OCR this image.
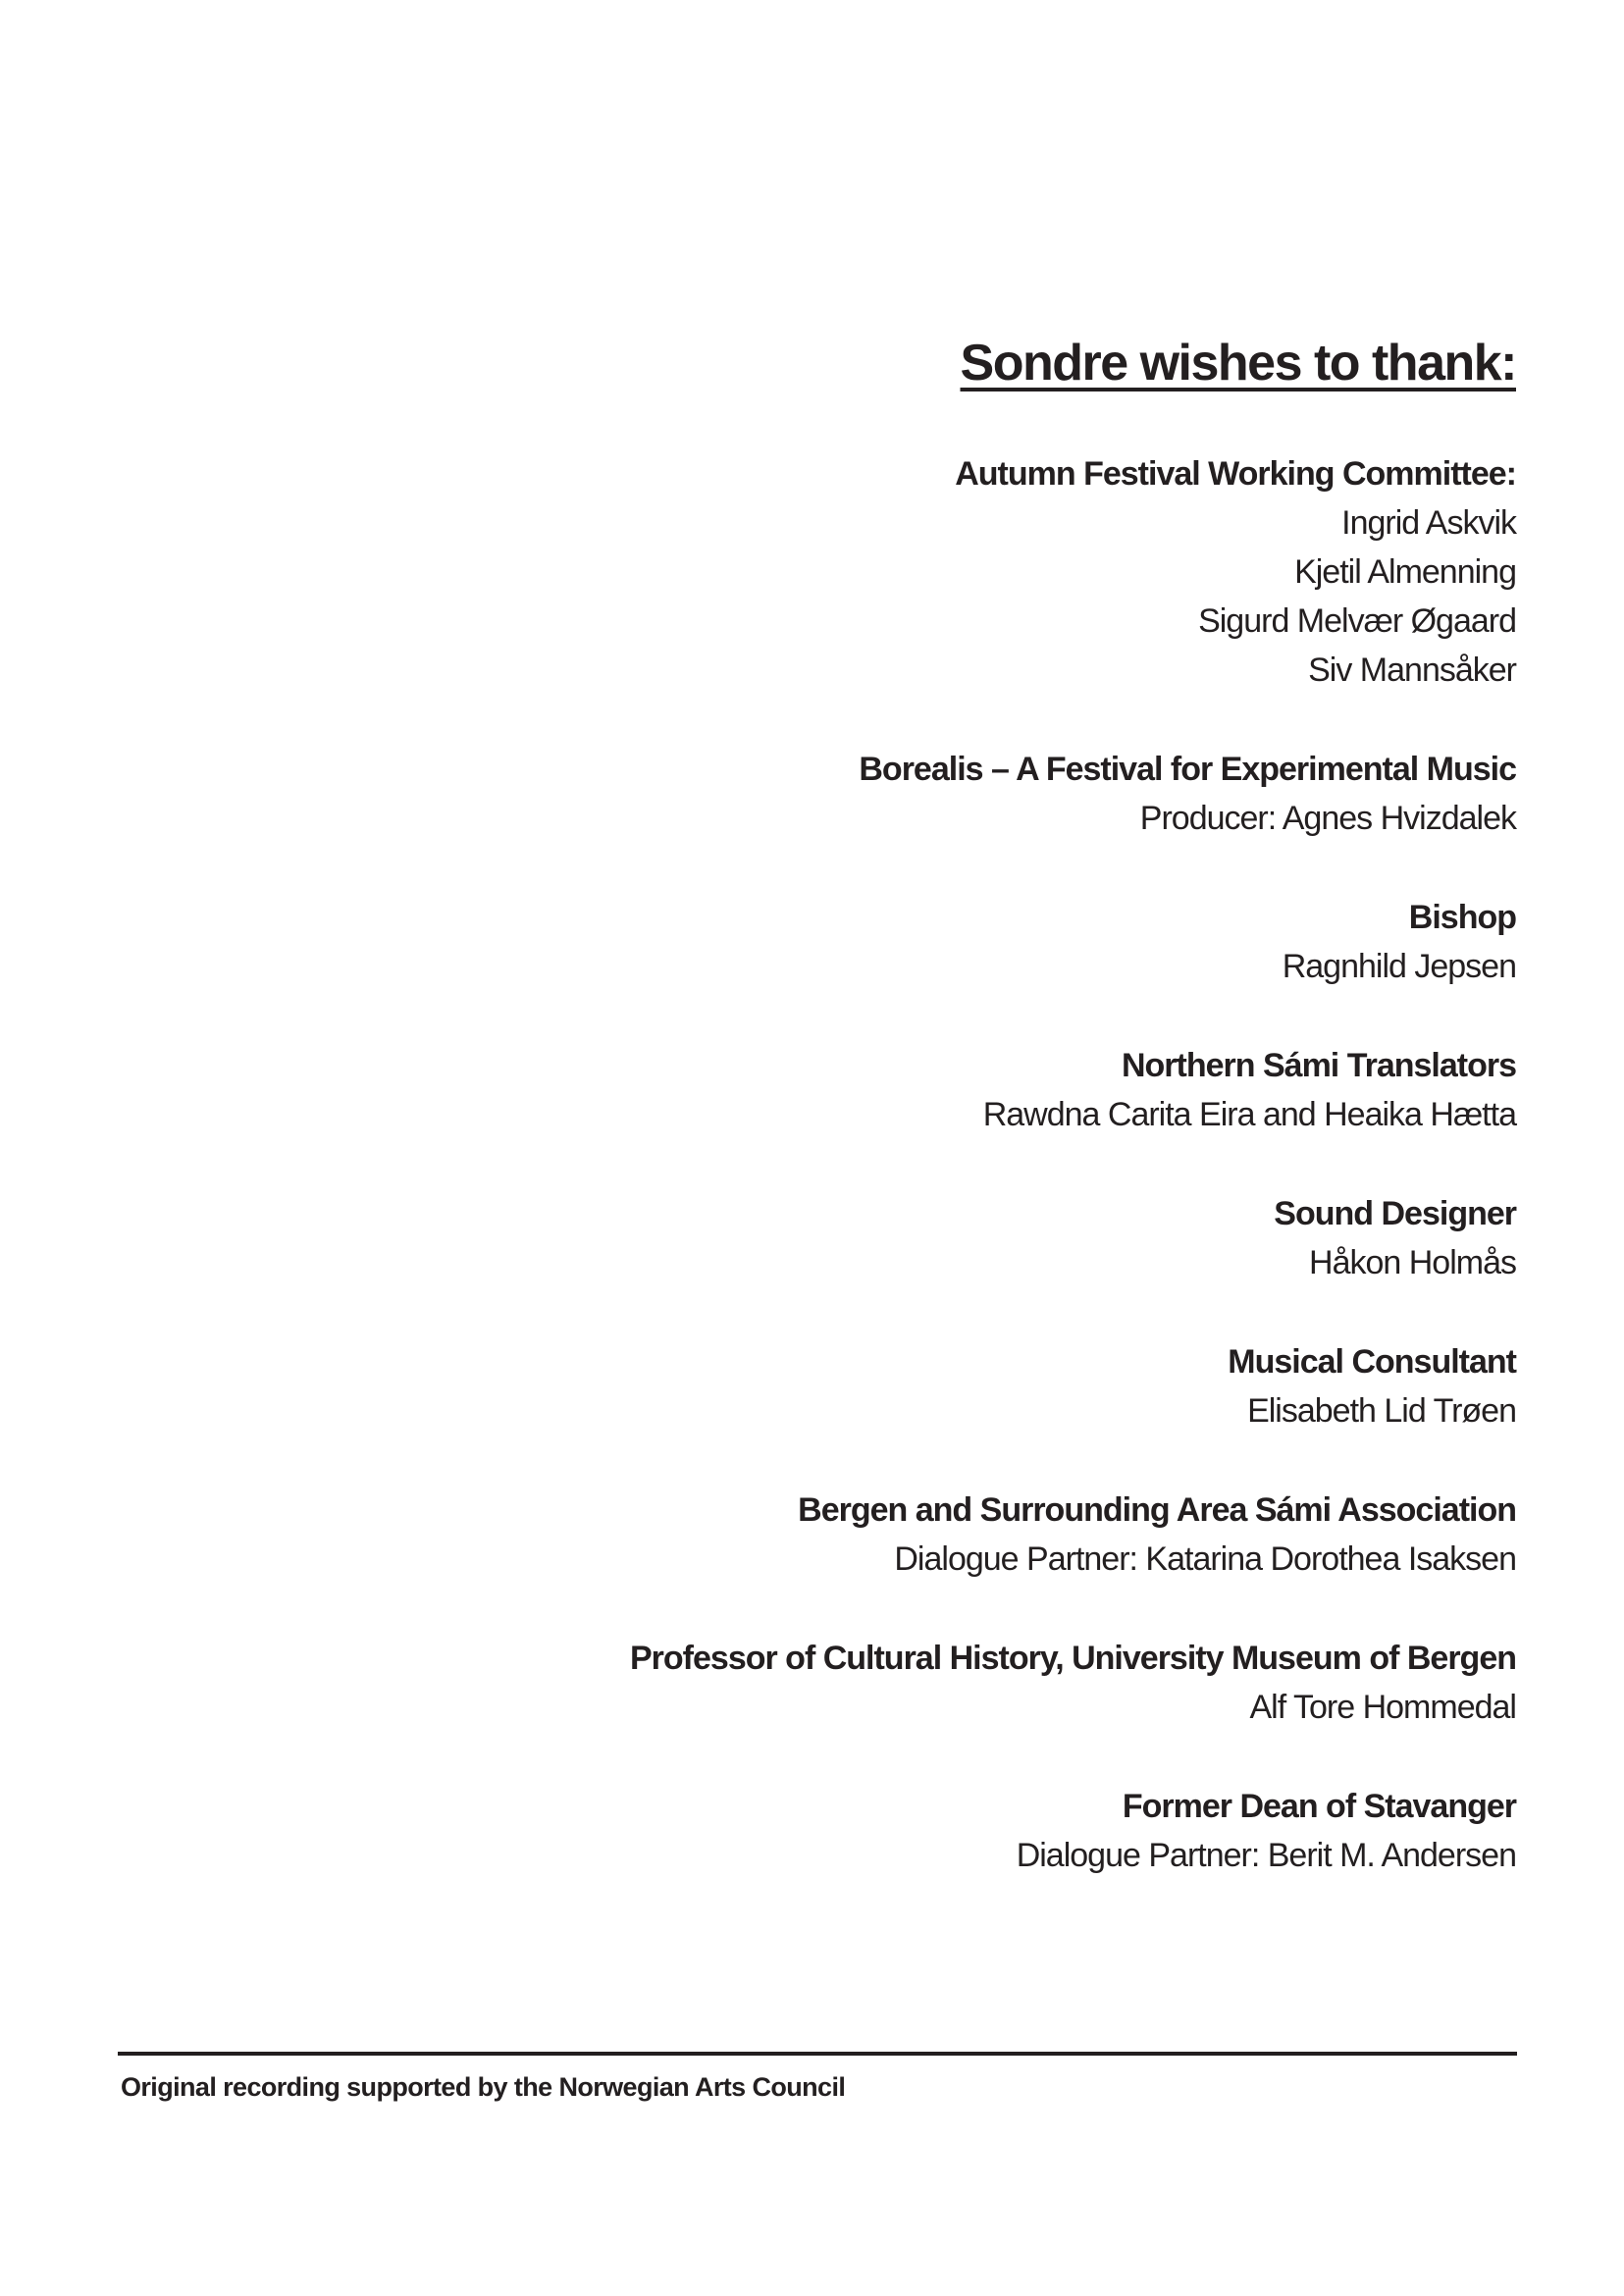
Sondre wishes to thank:

Autumn Festival Working Committee:

Ingrid Askvik

Kjetil Almenning

Sigurd Melvær Øgaard

Siv Mannsåker

Borealis – A Festival for Experimental Music

Producer: Agnes Hvizdalek

Bishop

Ragnhild Jepsen

Northern Sámi Translators

Rawdna Carita Eira and Heaika Hætta

Sound Designer

Håkon Holmås

Musical Consultant

Elisabeth Lid Trøen

Bergen and Surrounding Area Sámi Association

Dialogue Partner: Katarina Dorothea Isaksen

Professor of Cultural History, University Museum of Bergen

Alf Tore Hommedal

Former Dean of Stavanger

Dialogue Partner: Berit M. Andersen

Original recording supported by the Norwegian Arts Council
